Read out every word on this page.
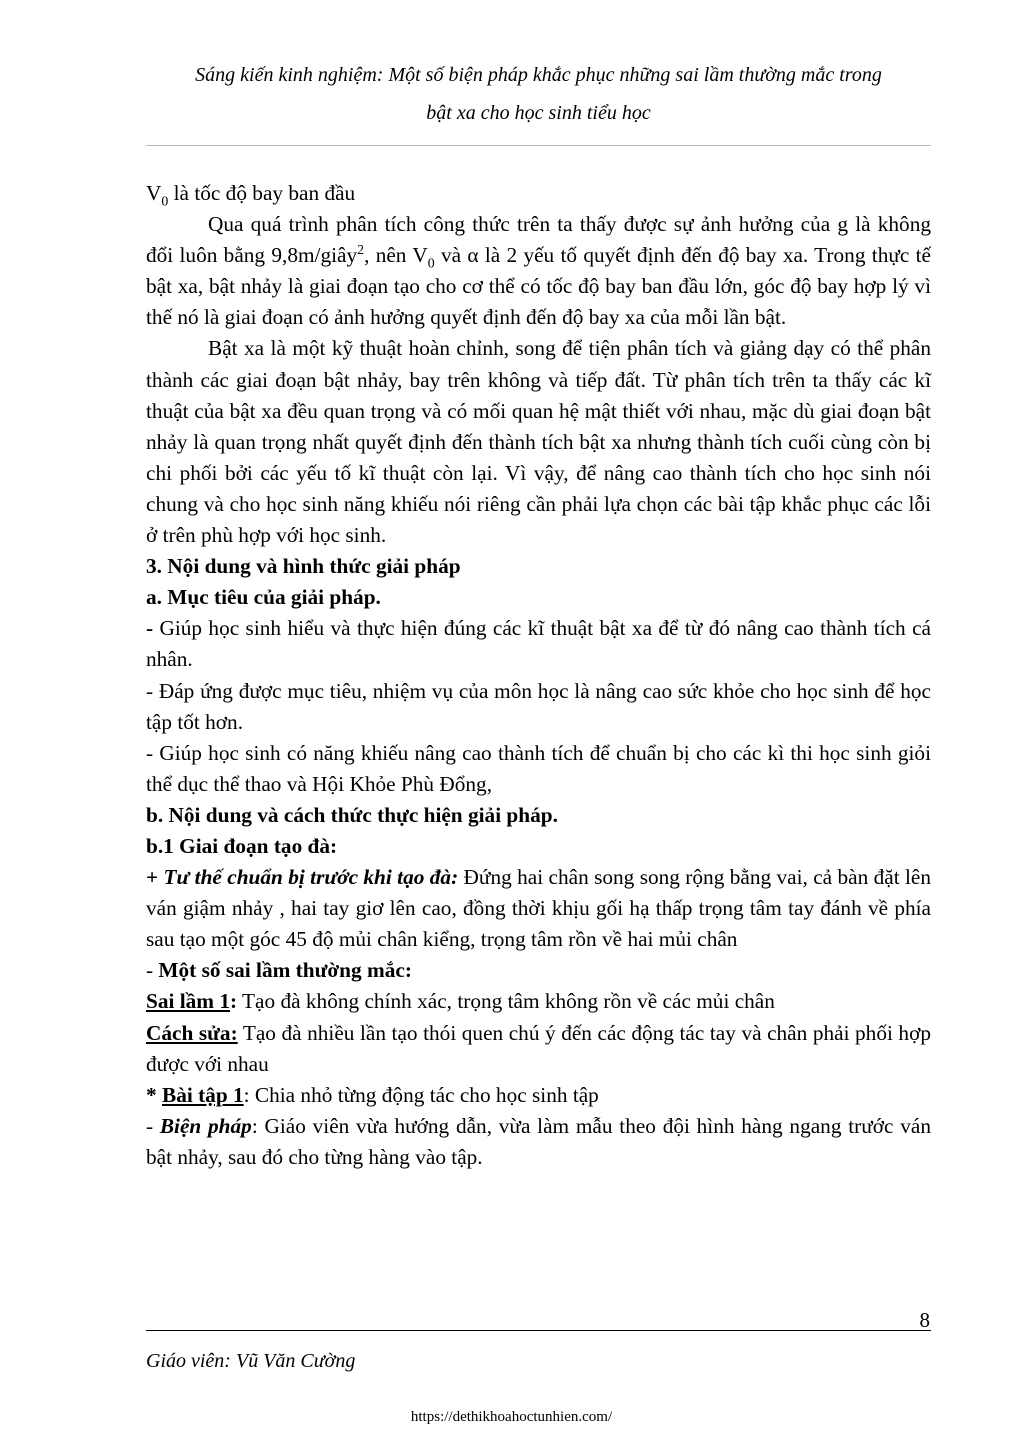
Sáng kiến kinh nghiệm: Một số biện pháp khắc phục những sai lầm thường mắc trong
bật xa cho học sinh tiểu học

$V_0$ là tốc độ bay ban đầu

Qua quá trình phân tích công thức trên ta thấy được sự ảnh hưởng của g là không đổi luôn bằng 9,8m/giây$^2$, nên $V_0$ và α là 2 yếu tố quyết định đến độ bay xa. Trong thực tế bật xa, bật nhảy là giai đoạn tạo cho cơ thể có tốc độ bay ban đầu lớn, góc độ bay hợp lý vì thế nó là giai đoạn có ảnh hưởng quyết định đến độ bay xa của mỗi lần bật.

Bật xa là một kỹ thuật hoàn chỉnh, song để tiện phân tích và giảng dạy có thể phân thành các giai đoạn bật nhảy, bay trên không và tiếp đất. Từ phân tích trên ta thấy các kĩ thuật của bật xa đều quan trọng và có mối quan hệ mật thiết với nhau, mặc dù giai đoạn bật nhảy là quan trọng nhất quyết định đến thành tích bật xa nhưng thành tích cuối cùng còn bị chi phối bởi các yếu tố kĩ thuật còn lại. Vì vậy, để nâng cao thành tích cho học sinh nói chung và cho học sinh năng khiếu nói riêng cần phải lựa chọn các bài tập khắc phục các lỗi ở trên phù hợp với học sinh.

3. Nội dung và hình thức giải pháp

a. Mục tiêu của giải pháp.

- Giúp học sinh hiểu và thực hiện đúng các kĩ thuật bật xa để từ đó nâng cao thành tích cá nhân.

- Đáp ứng được mục tiêu, nhiệm vụ của môn học là nâng cao sức khỏe cho học sinh để học tập tốt hơn.

- Giúp học sinh có năng khiếu nâng cao thành tích để chuẩn bị cho các kì thi học sinh giỏi thể dục thể thao và Hội Khỏe Phù Đổng,

b. Nội dung và cách thức thực hiện giải pháp.

b.1 Giai đoạn tạo đà:

+ Tư thế chuẩn bị trước khi tạo đà: Đứng hai chân song song rộng bằng vai, cả bàn đặt lên ván giậm nhảy , hai tay giơ lên cao, đồng thời khịu gối hạ thấp trọng tâm tay đánh về phía sau tạo một góc 45 độ mủi chân kiểng, trọng tâm rồn về hai mủi chân

- Một số sai lầm thường mắc:

Sai lầm 1: Tạo đà không chính xác, trọng tâm không rồn về các mủi chân

Cách sửa: Tạo đà nhiều lần tạo thói quen chú ý đến các động tác tay và chân phải phối hợp được với nhau

* Bài tập 1: Chia nhỏ từng động tác cho học sinh tập

- Biện pháp: Giáo viên vừa hướng dẫn, vừa làm mẫu theo đội hình hàng ngang trước ván bật nhảy, sau đó cho từng hàng vào tập.

8
Giáo viên: Vũ Văn Cường
https://dethikhoahoctunhien.com/
